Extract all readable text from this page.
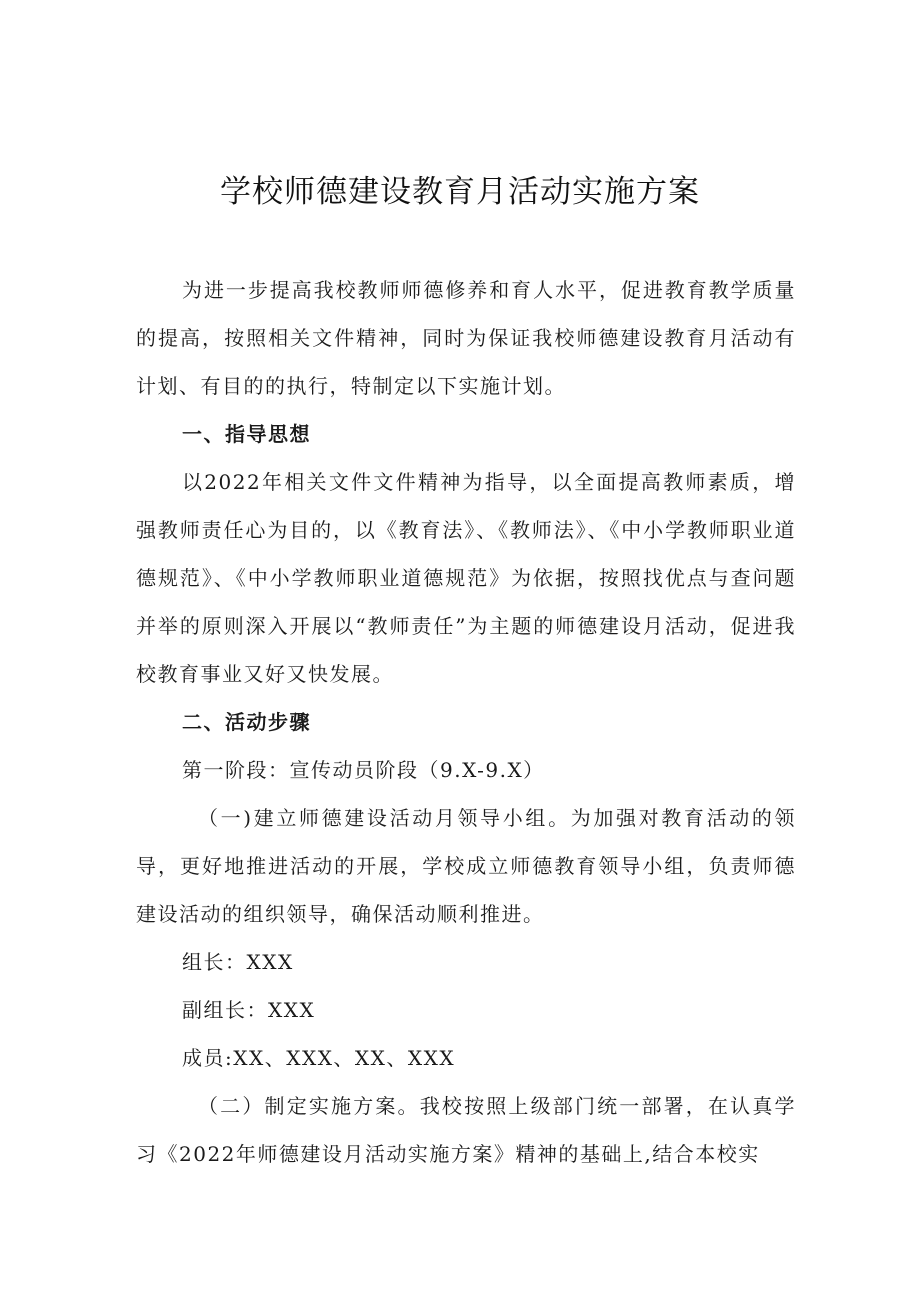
学校师德建设教育月活动实施方案

为进一步提高我校教师师德修养和育人水平，促进教育教学质量的提高，按照相关文件精神，同时为保证我校师德建设教育月活动有计划、有目的的执行，特制定以下实施计划。

一、指导思想

以2022年相关文件文件精神为指导，以全面提高教师素质，增强教师责任心为目的，以《教育法》、《教师法》、《中小学教师职业道德规范》、《中小学教师职业道德规范》为依据，按照找优点与查问题并举的原则深入开展以“教师责任”为主题的师德建设月活动，促进我校教育事业又好又快发展。

二、活动步骤

第一阶段：宣传动员阶段（9.X-9.X）

（一)建立师德建设活动月领导小组。为加强对教育活动的领导，更好地推进活动的开展，学校成立师德教育领导小组，负责师德建设活动的组织领导，确保活动顺利推进。

组长：XXX

副组长：XXX

成员:XX、XXX、XX、XXX

（二）制定实施方案。我校按照上级部门统一部署，在认真学习《2022年师德建设月活动实施方案》精神的基础上,结合本校实
